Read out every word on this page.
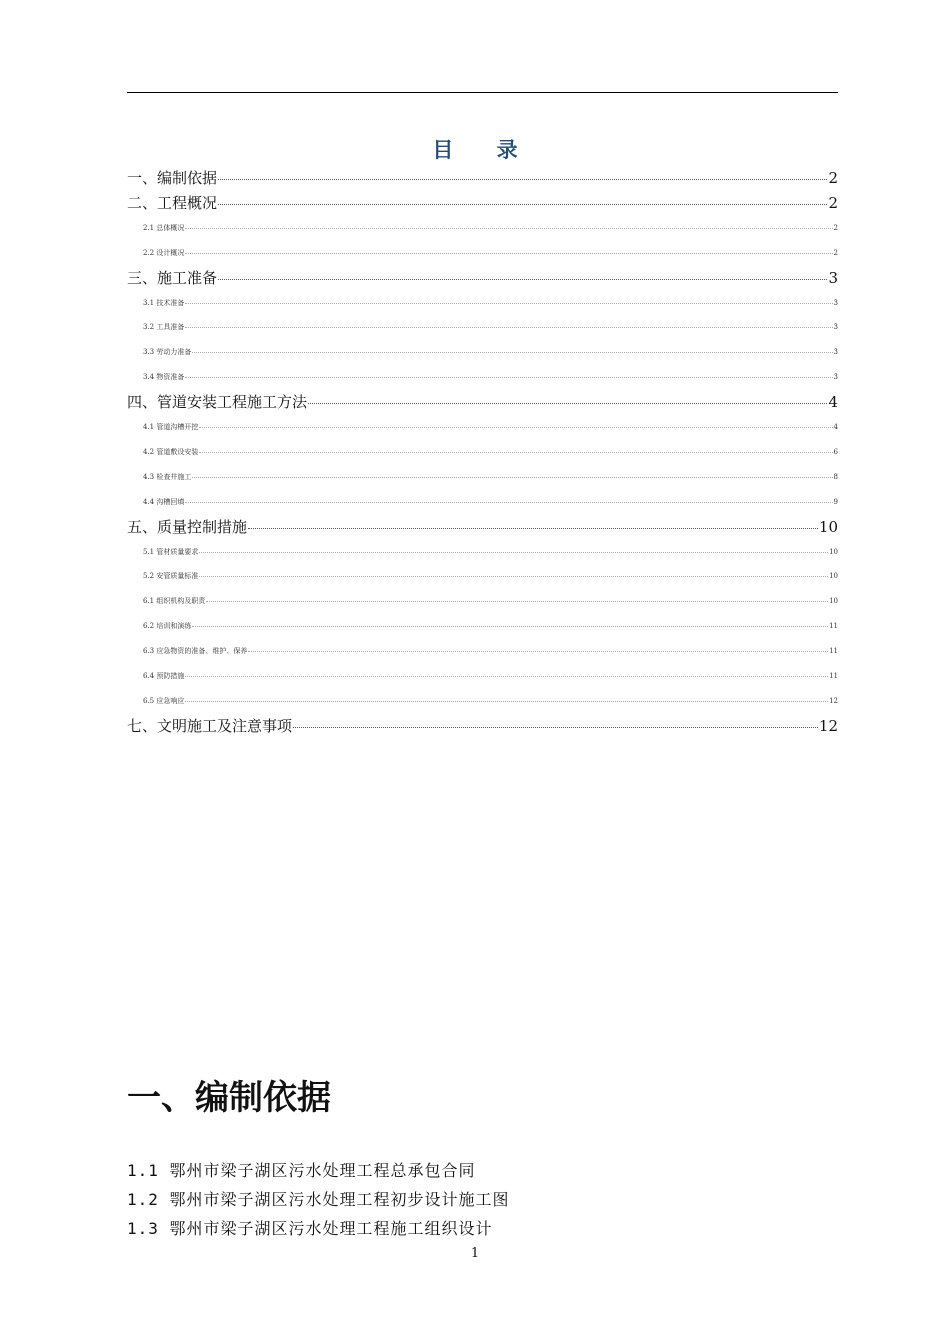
目 录
一、编制依据	2
二、工程概况	2
2.1 总体概况	2
2.2 设计概况	2
三、施工准备	3
3.1 技术准备	3
3.2 工具准备	3
3.3 劳动力准备	3
3.4 物资准备	3
四、管道安装工程施工方法	4
4.1 管道沟槽开挖	4
4.2 管道敷设安装	6
4.3 检查井施工	8
4.4 沟槽回填	9
五、质量控制措施	10
5.1 管材质量要求	10
5.2 安管质量标准	10
6.1 组织机构及职责	10
6.2 培训和演练	11
6.3 应急物资的准备、维护、保养	11
6.4 预防措施	11
6.5 应急响应	12
七、文明施工及注意事项	12
一、编制依据
1.1 鄂州市梁子湖区污水处理工程总承包合同
1.2 鄂州市梁子湖区污水处理工程初步设计施工图
1.3 鄂州市梁子湖区污水处理工程施工组织设计
1
